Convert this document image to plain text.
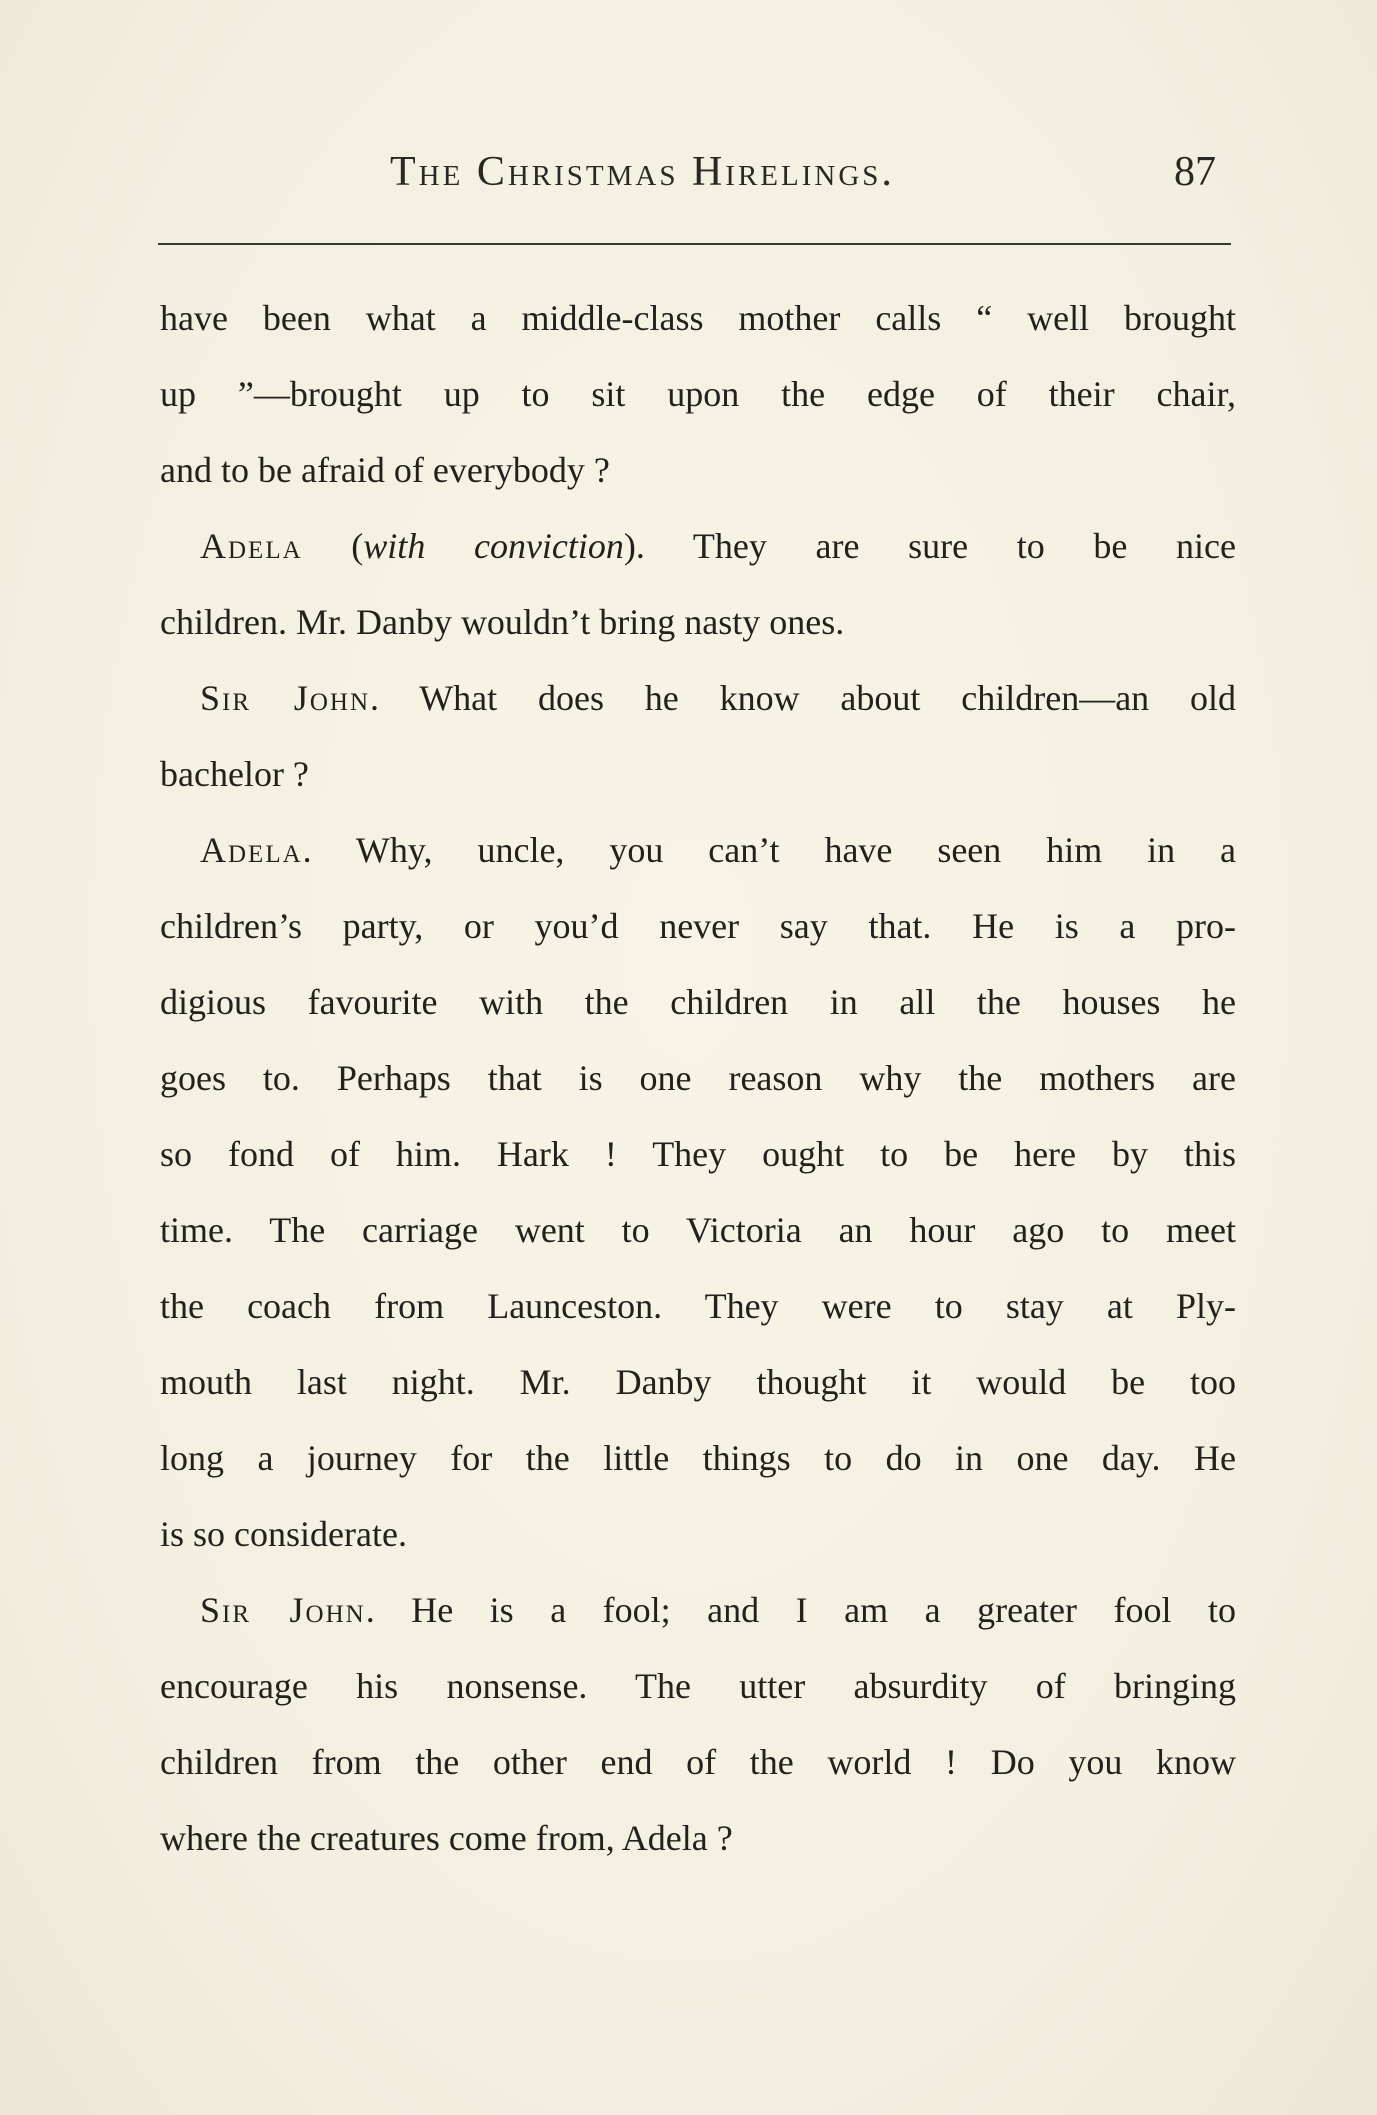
The Christmas Hirelings.	87
have been what a middle-class mother calls “ well brought
up ”—brought up to sit upon the edge of their chair,
and to be afraid of everybody ?
Adela (with conviction). They are sure to be nice
children. Mr. Danby wouldn’t bring nasty ones.
Sir John. What does he know about children—an old
bachelor ?
Adela. Why, uncle, you can’t have seen him in a
children’s party, or you’d never say that. He is a pro-
digious favourite with the children in all the houses he
goes to. Perhaps that is one reason why the mothers are
so fond of him. Hark ! They ought to be here by this
time. The carriage went to Victoria an hour ago to meet
the coach from Launceston. They were to stay at Ply-
mouth last night. Mr. Danby thought it would be too
long a journey for the little things to do in one day. He
is so considerate.
Sir John. He is a fool; and I am a greater fool to
encourage his nonsense. The utter absurdity of bringing
children from the other end of the world ! Do you know
where the creatures come from, Adela ?
